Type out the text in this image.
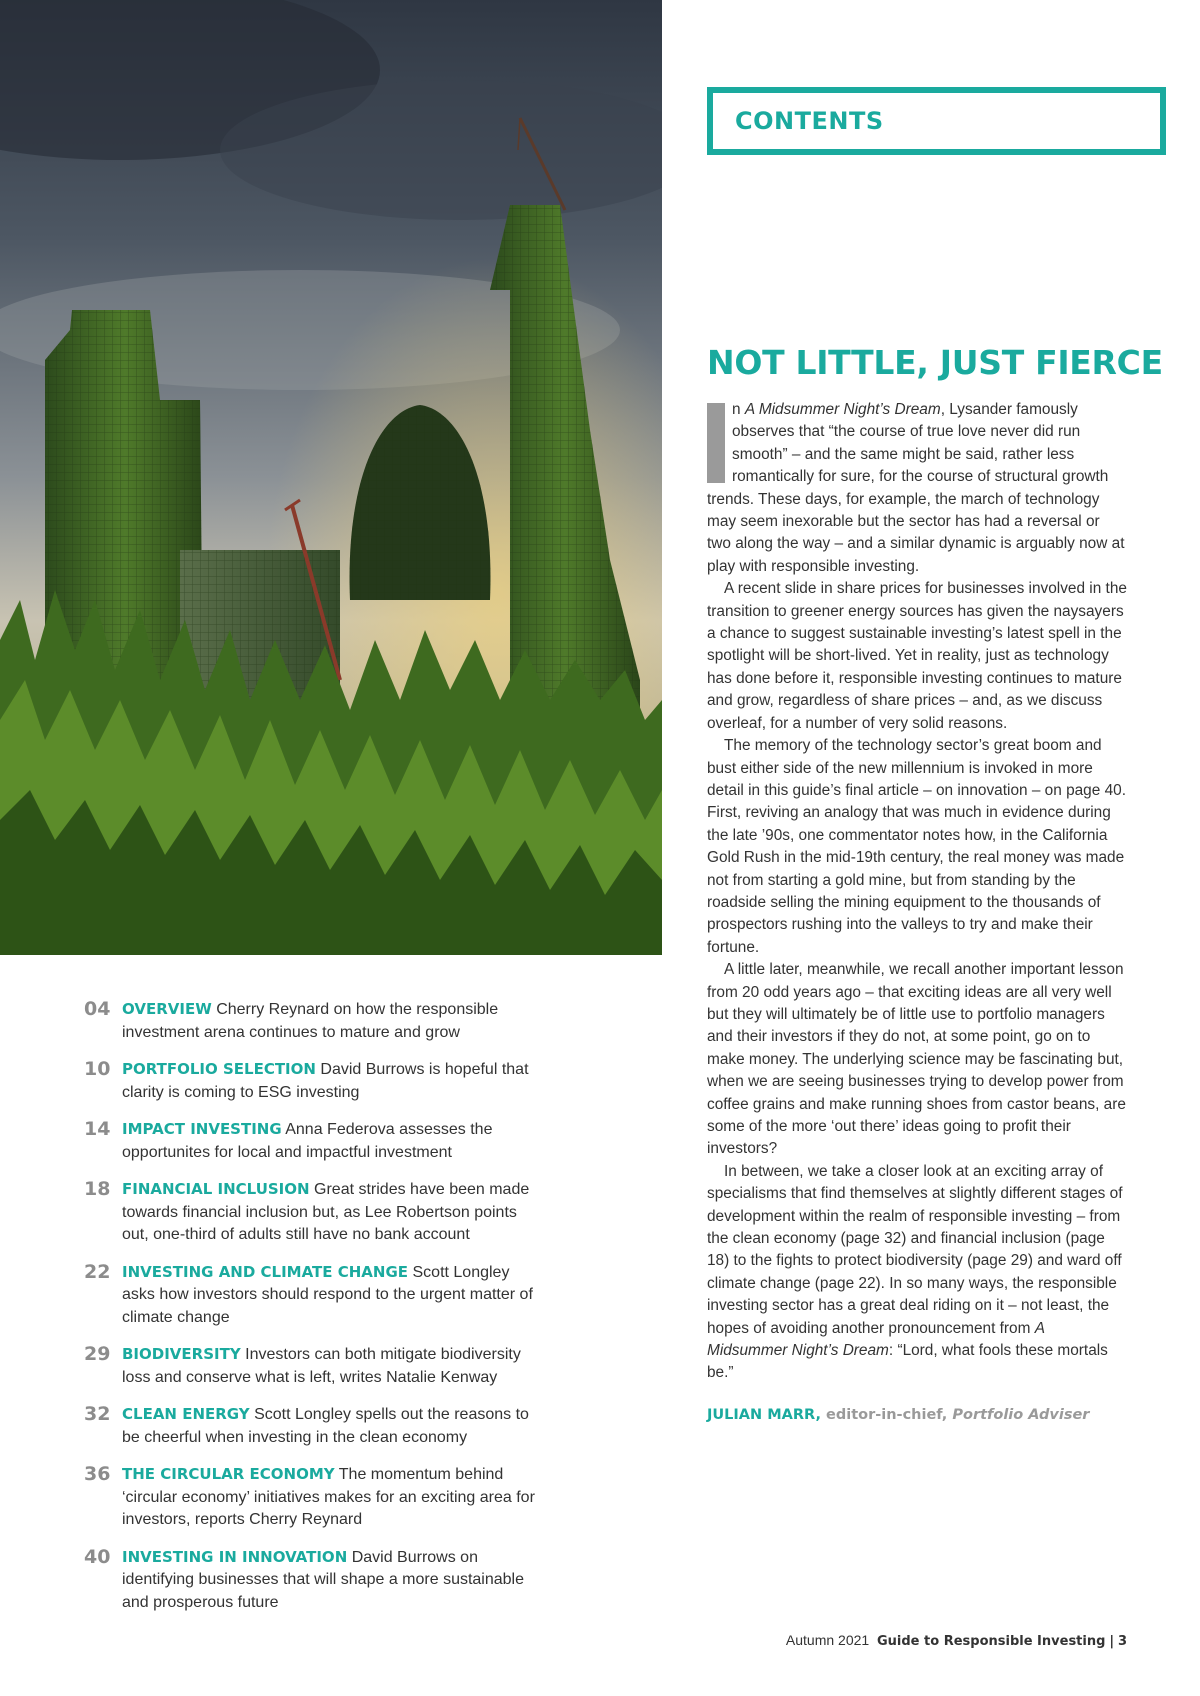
CONTENTS
04 OVERVIEW Cherry Reynard on how the responsible investment arena continues to mature and grow
10 PORTFOLIO SELECTION David Burrows is hopeful that clarity is coming to ESG investing
14 IMPACT INVESTING Anna Federova assesses the opportunites for local and impactful investment
18 FINANCIAL INCLUSION Great strides have been made towards financial inclusion but, as Lee Robertson points out, one-third of adults still have no bank account
22 INVESTING AND CLIMATE CHANGE Scott Longley asks how investors should respond to the urgent matter of climate change
29 BIODIVERSITY Investors can both mitigate biodiversity loss and conserve what is left, writes Natalie Kenway
32 CLEAN ENERGY Scott Longley spells out the reasons to be cheerful when investing in the clean economy
36 THE CIRCULAR ECONOMY The momentum behind ‘circular economy’ initiatives makes for an exciting area for investors, reports Cherry Reynard
40 INVESTING IN INNOVATION David Burrows on identifying businesses that will shape a more sustainable and prosperous future
NOT LITTLE, JUST FIERCE

n A Midsummer Night’s Dream, Lysander famously observes that “the course of true love never did run smooth” – and the same might be said, rather less romantically for sure, for the course of structural growth trends. These days, for example, the march of technology may seem inexorable but the sector has had a reversal or two along the way – and a similar dynamic is arguably now at play with responsible investing.

A recent slide in share prices for businesses involved in the transition to greener energy sources has given the naysayers a chance to suggest sustainable investing’s latest spell in the spotlight will be short-lived. Yet in reality, just as technology has done before it, responsible investing continues to mature and grow, regardless of share prices – and, as we discuss overleaf, for a number of very solid reasons.

The memory of the technology sector’s great boom and bust either side of the new millennium is invoked in more detail in this guide’s final article – on innovation – on page 40. First, reviving an analogy that was much in evidence during the late ’90s, one commentator notes how, in the California Gold Rush in the mid-19th century, the real money was made not from starting a gold mine, but from standing by the roadside selling the mining equipment to the thousands of prospectors rushing into the valleys to try and make their fortune.

A little later, meanwhile, we recall another important lesson from 20 odd years ago – that exciting ideas are all very well but they will ultimately be of little use to portfolio managers and their investors if they do not, at some point, go on to make money. The underlying science may be fascinating but, when we are seeing businesses trying to develop power from coffee grains and make running shoes from castor beans, are some of the more ‘out there’ ideas going to profit their investors?

In between, we take a closer look at an exciting array of specialisms that find themselves at slightly different stages of development within the realm of responsible investing – from the clean economy (page 32) and financial inclusion (page 18) to the fights to protect biodiversity (page 29) and ward off climate change (page 22). In so many ways, the responsible investing sector has a great deal riding on it – not least, the hopes of avoiding another pronouncement from A Midsummer Night’s Dream: “Lord, what fools these mortals be.”

JULIAN MARR, editor-in-chief, Portfolio Adviser
Autumn 2021 Guide to Responsible Investing | 3
